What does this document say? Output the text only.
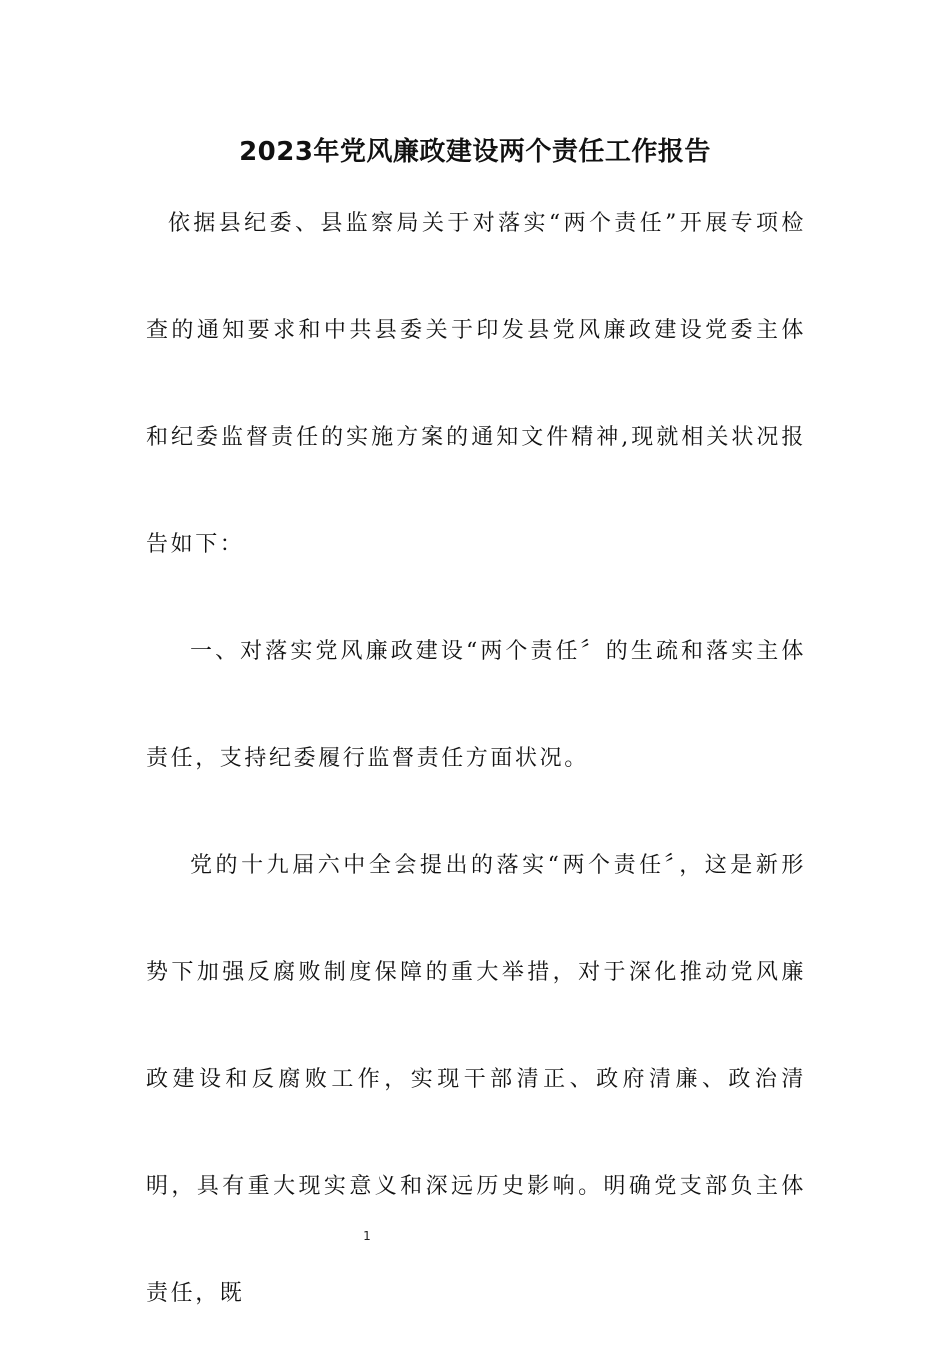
2023年党风廉政建设两个责任工作报告

依据县纪委、县监察局关于对落实“两个责任”开展专项检查的通知要求和中共县委关于印发县党风廉政建设党委主体和纪委监督责任的实施方案的通知文件精神,现就相关状况报告如下：

一、对落实党风廉政建设“两个责任〞的生疏和落实主体责任，支持纪委履行监督责任方面状况。

党的十九届六中全会提出的落实“两个责任〞，这是新形势下加强反腐败制度保障的重大举措，对于深化推动党风廉政建设和反腐败工作，实现干部清正、政府清廉、政治清明，具有重大现实意义和深远历史影响。明确党支部负主体责任，既

1
